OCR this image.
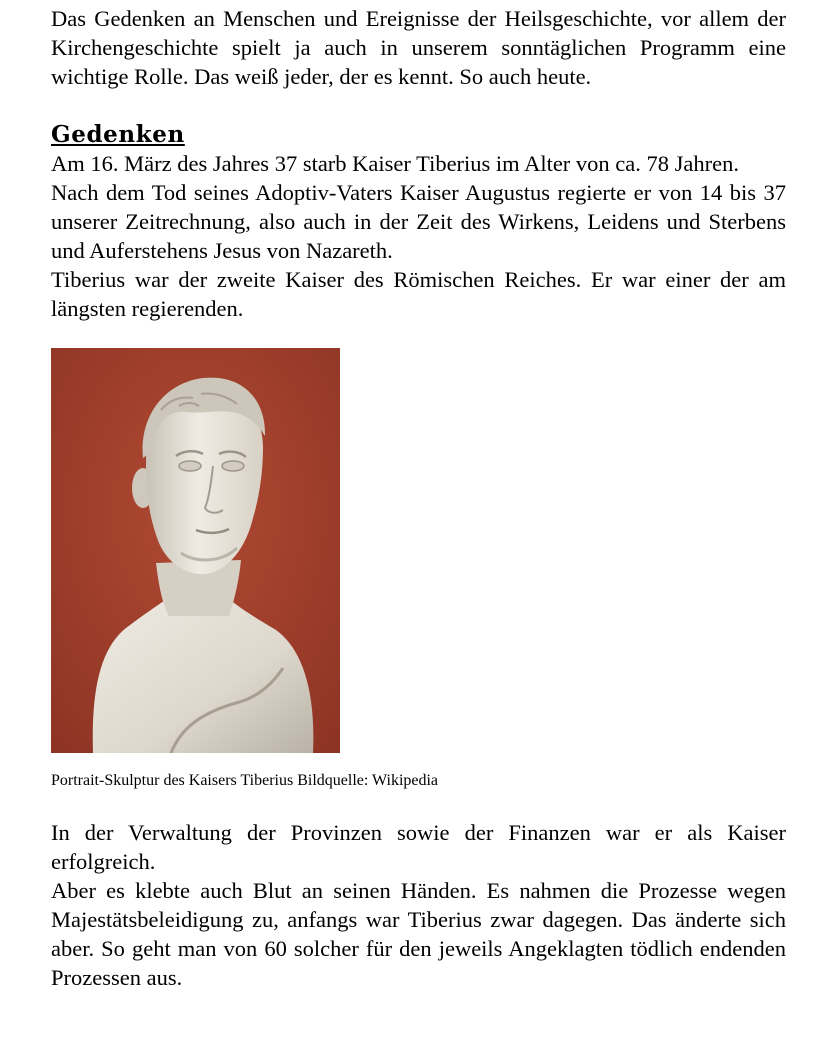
Das Gedenken an Menschen und Ereignisse der Heilsgeschichte, vor allem der Kirchengeschichte spielt ja auch in unserem sonntäglichen Programm eine wichtige Rolle. Das weiß jeder, der es kennt. So auch heute.

Gedenken

Am 16. März des Jahres 37 starb Kaiser Tiberius im Alter von ca. 78 Jahren.

Nach dem Tod seines Adoptiv-Vaters Kaiser Augustus regierte er von 14 bis 37 unserer Zeitrechnung, also auch in der Zeit des Wirkens, Leidens und Sterbens und Auferstehens Jesus von Nazareth.

Tiberius war der zweite Kaiser des Römischen Reiches. Er war einer der am längsten regierenden.

Portrait-Skulptur des Kaisers Tiberius Bildquelle: Wikipedia

In der Verwaltung der Provinzen sowie der Finanzen war er als Kaiser erfolgreich.

Aber es klebte auch Blut an seinen Händen. Es nahmen die Prozesse wegen Majestätsbeleidigung zu, anfangs war Tiberius zwar dagegen. Das änderte sich aber. So geht man von 60 solcher für den jeweils Angeklagten tödlich endenden Prozessen aus.
